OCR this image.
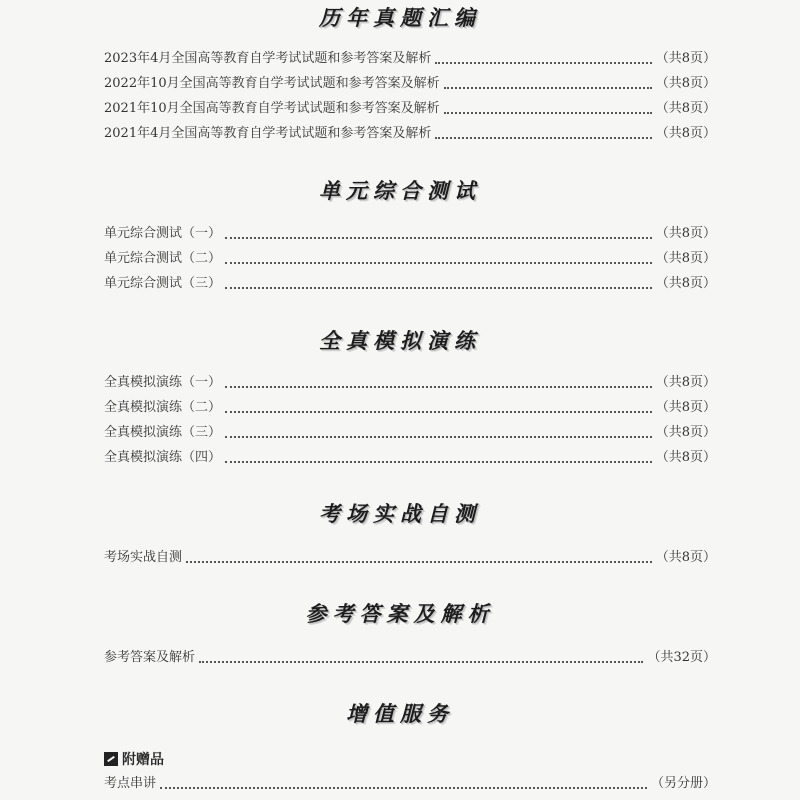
历年真题汇编
2023年4月全国高等教育自学考试试题和参考答案及解析	（共8页）
2022年10月全国高等教育自学考试试题和参考答案及解析	（共8页）
2021年10月全国高等教育自学考试试题和参考答案及解析	（共8页）
2021年4月全国高等教育自学考试试题和参考答案及解析	（共8页）
单元综合测试
单元综合测试（一）	（共8页）
单元综合测试（二）	（共8页）
单元综合测试（三）	（共8页）
全真模拟演练
全真模拟演练（一）	（共8页）
全真模拟演练（二）	（共8页）
全真模拟演练（三）	（共8页）
全真模拟演练（四）	（共8页）
考场实战自测
考场实战自测	（共8页）
参考答案及解析
参考答案及解析	（共32页）
增值服务
附赠品
考点串讲	（另分册）
